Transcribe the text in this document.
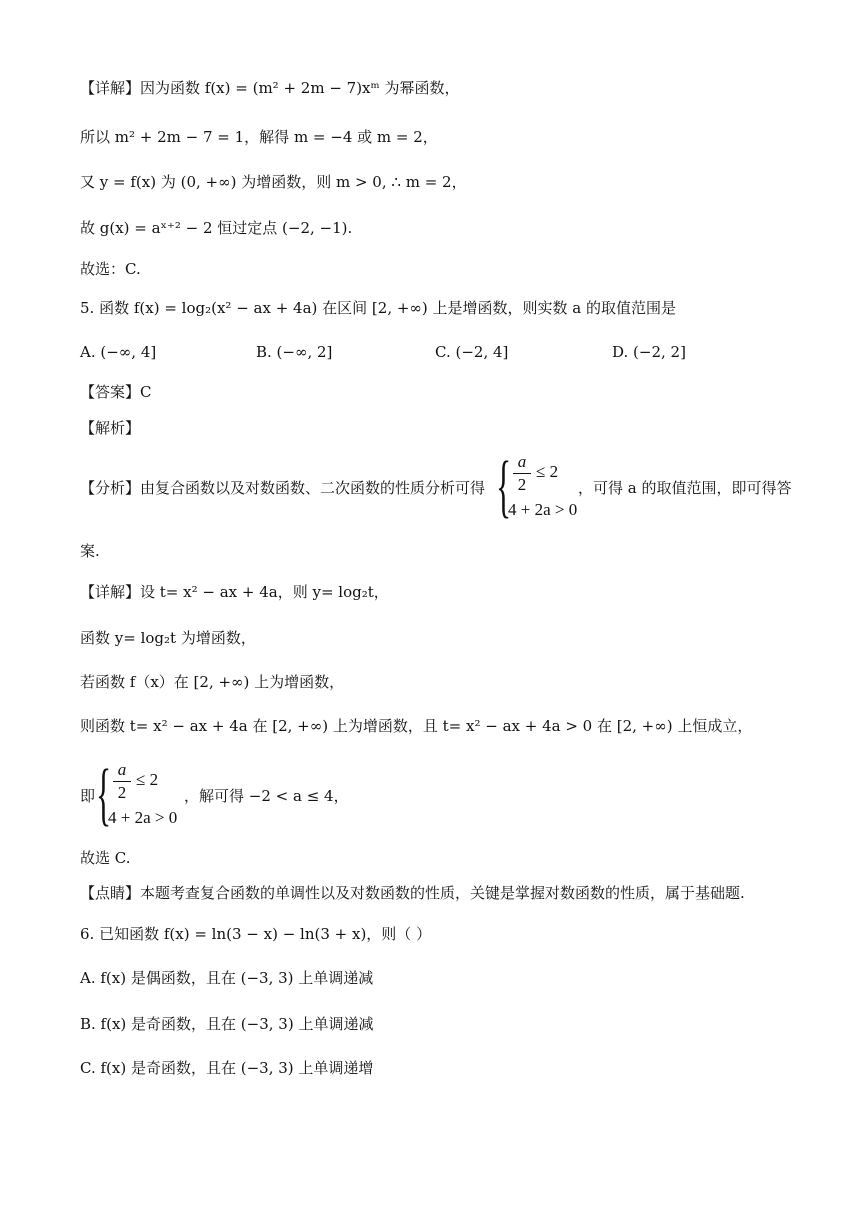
【详解】因为函数 f(x) = (m² + 2m − 7)xᵐ 为幂函数，
所以 m² + 2m − 7 = 1，解得 m = −4 或 m = 2，
又 y = f(x) 为 (0, +∞) 为增函数，则 m > 0, ∴ m = 2，
故 g(x) = aˣ⁺² − 2 恒过定点 (−2, −1).
故选：C.
5. 函数 f(x) = log₂(x² − ax + 4a) 在区间 [2, +∞) 上是增函数，则实数 a 的取值范围是
A. (−∞, 4]	B. (−∞, 2]	C. (−2, 4]	D. (−2, 2]
【答案】C
【解析】
【分析】由复合函数以及对数函数、二次函数的性质分析可得 { a
2
≤ 2
4 + 2a > 0
，可得 a 的取值范围，即可得答
案.
【详解】设 t= x² − ax + 4a，则 y= log₂t，
函数 y= log₂t 为增函数，
若函数 f（x）在 [2, +∞) 上为增函数，
则函数 t= x² − ax + 4a 在 [2, +∞) 上为增函数，且 t= x² − ax + 4a > 0 在 [2, +∞) 上恒成立，
即 { a
2
≤ 2
4 + 2a > 0
，解可得 −2 < a ≤ 4，
故选 C.
【点睛】本题考查复合函数的单调性以及对数函数的性质，关键是掌握对数函数的性质，属于基础题.
6. 已知函数 f(x) = ln(3 − x) − ln(3 + x)，则（ ）
A. f(x) 是偶函数，且在 (−3, 3) 上单调递减
B. f(x) 是奇函数，且在 (−3, 3) 上单调递减
C. f(x) 是奇函数，且在 (−3, 3) 上单调递增
